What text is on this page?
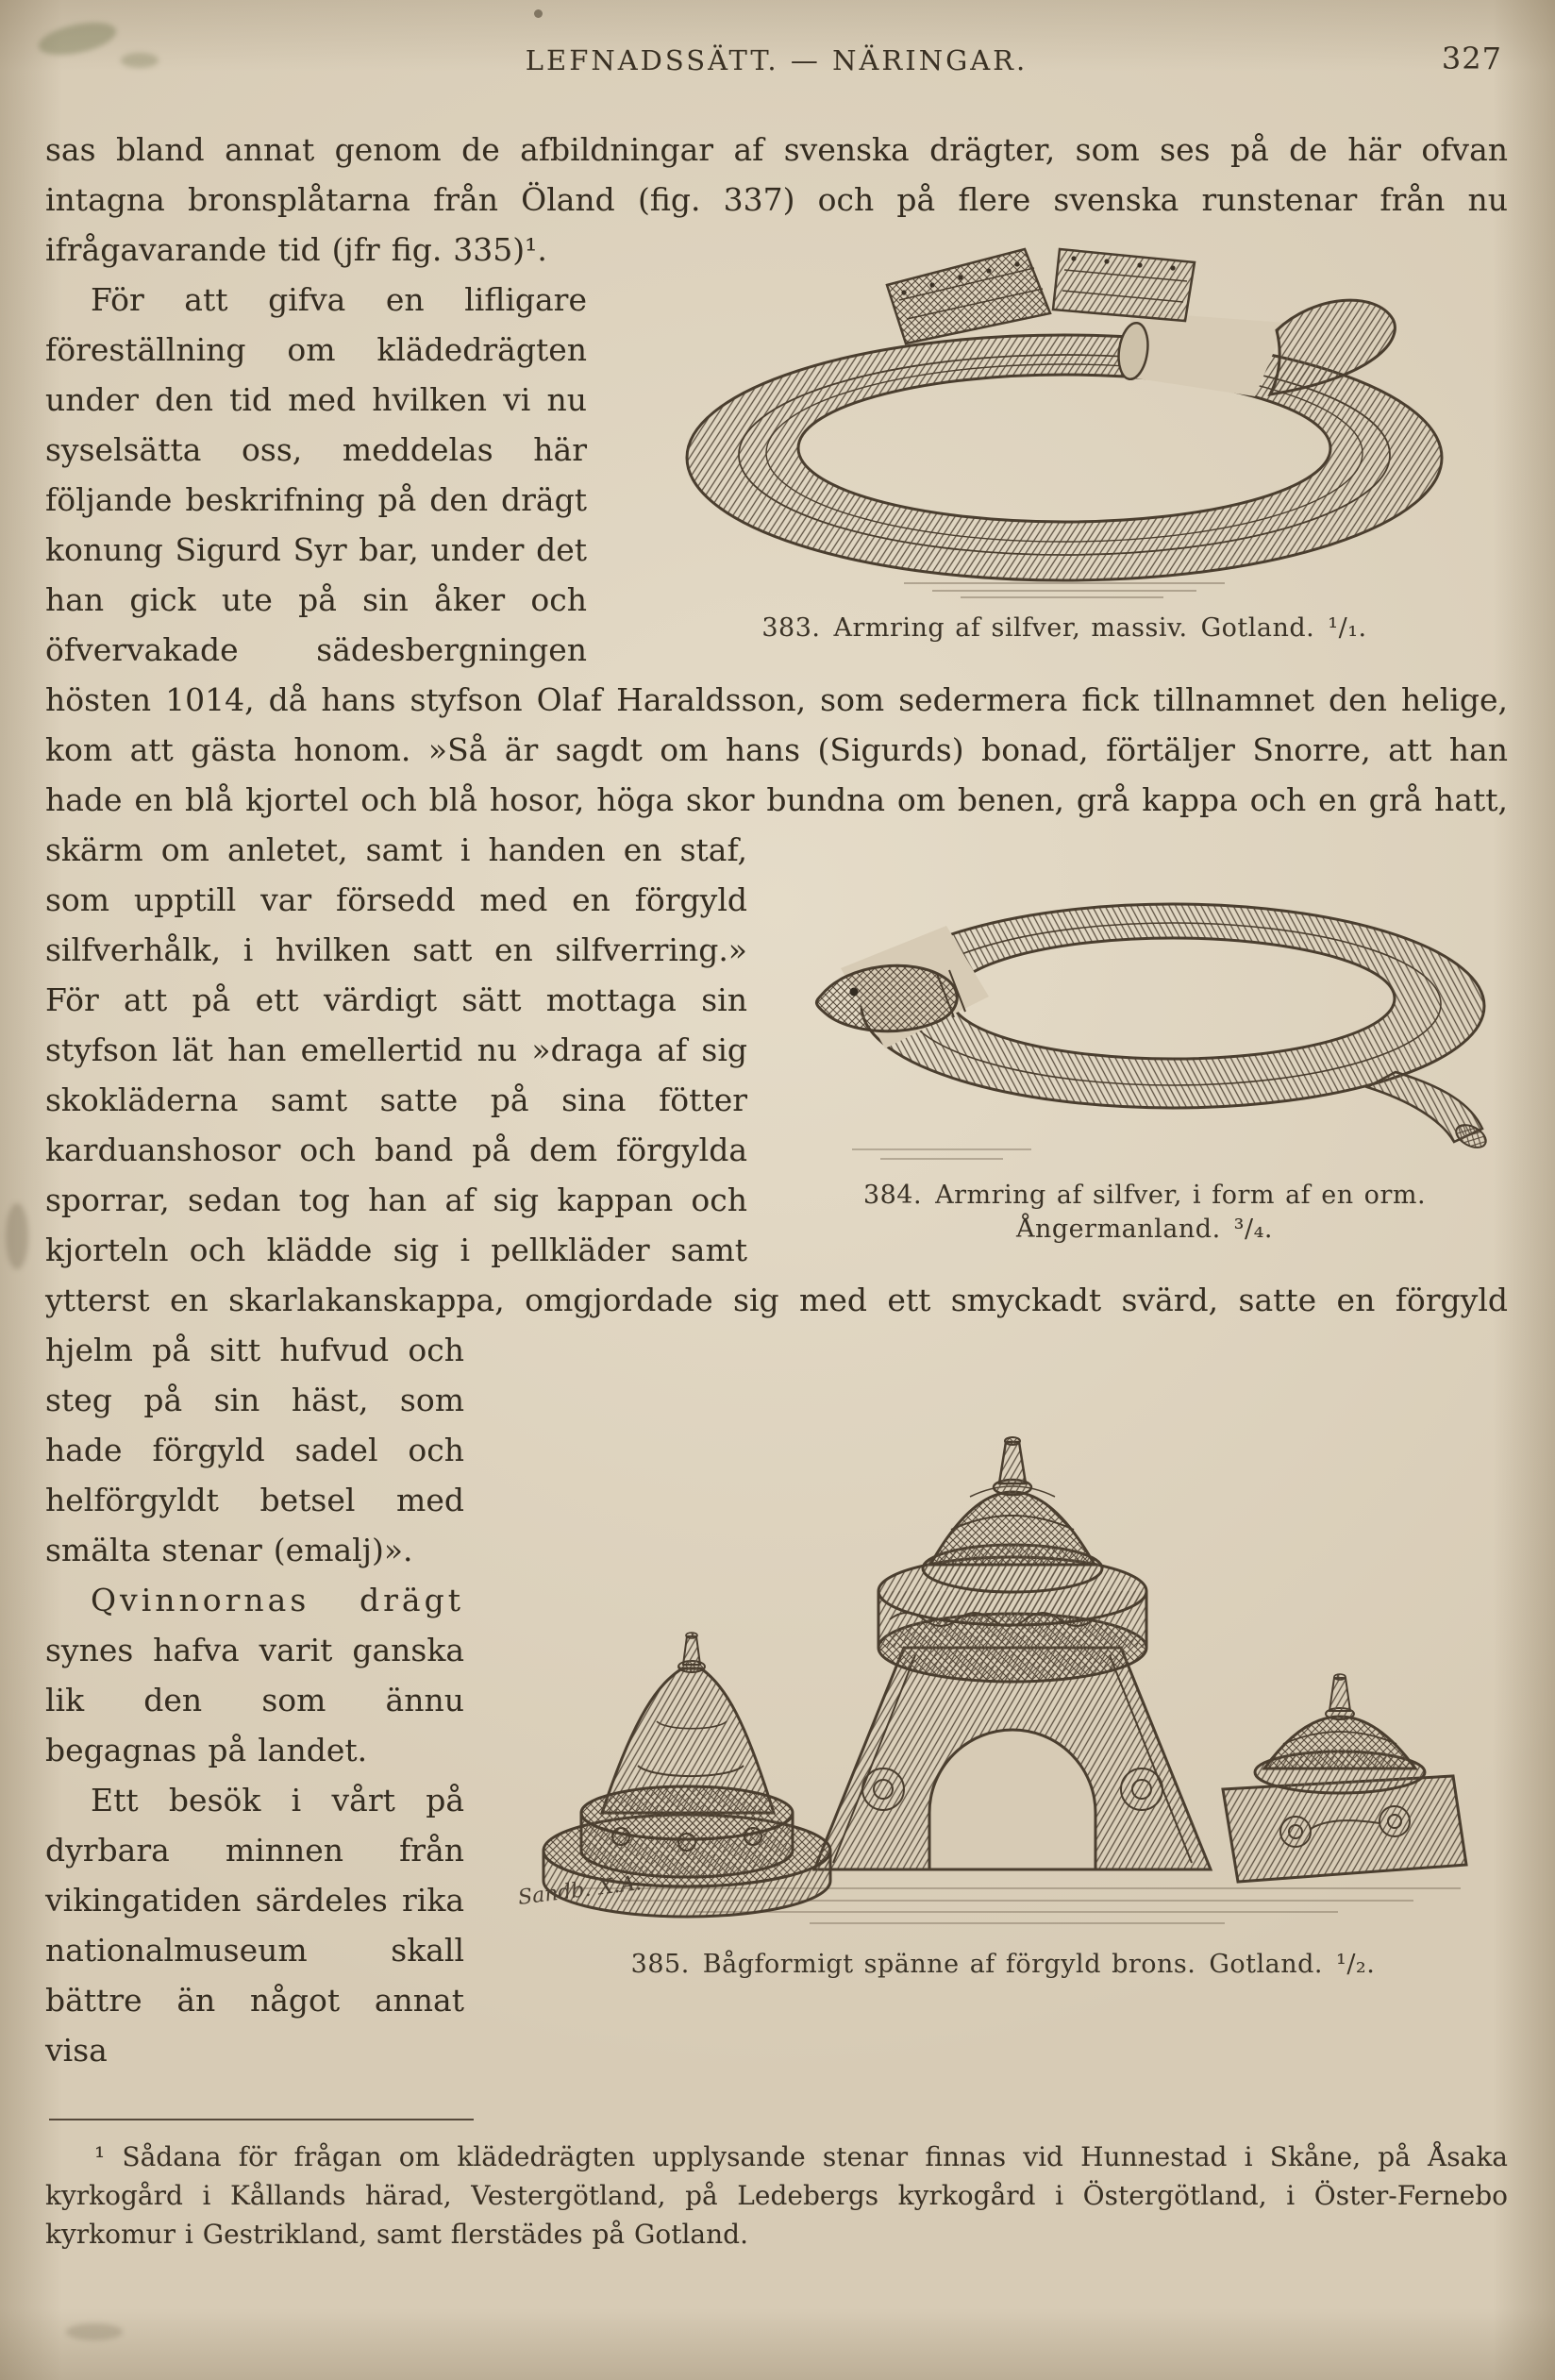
LEFNADSSÄTT. — NÄRINGAR.	327
sas bland annat genom de afbildningar af svenska drägter, som ses på de här ofvan intagna bronsplåtarna från Öland (fig. 337) och på flere svenska
383. Armring af silfver, massiv. Gotland. ¹/₁.
runstenar från nu ifrågavarande tid (jfr fig. 335)¹.
För att gifva en lifligare föreställning om klädedrägten under den tid med hvilken vi nu syselsätta oss, meddelas här följande beskrifning på den drägt konung Sigurd Syr bar, under det han gick ute på sin åker och öfvervakade sädesbergningen hösten 1014, då hans styfson Olaf Haraldsson, som sedermera fick tillnamnet den helige, kom att gästa honom. »Så är sagdt om hans (Sigurds) bonad, förtäljer Snorre, att han hade en blå kjortel och blå hosor, höga skor
384. Armring af silfver, i form af en orm.
Ångermanland. ³/₄.
bundna om benen, grå kappa och en grå hatt, skärm om anletet, samt i handen en staf, som upptill var försedd med en förgyld silfverhålk, i hvilken satt en silfverring.» För att på ett värdigt sätt mottaga sin styfson lät han emellertid nu »draga af sig skokläderna samt satte på sina fötter karduanshosor och band på dem förgylda sporrar, sedan tog han af sig kappan och kjorteln och klädde sig i pellkläder samt ytterst en skarlakanskappa, omgjordade sig med ett smyckadt
Sandb. X.A.
385. Bågformigt spänne af förgyld brons. Gotland. ¹/₂.
svärd, satte en förgyld hjelm på sitt hufvud och steg på sin häst, som hade förgyld sadel och helförgyldt betsel med smälta stenar (emalj)».
Qvinnornas drägt synes hafva varit ganska lik den som ännu begagnas på landet.
Ett besök i vårt på dyrbara minnen från vikingatiden särdeles rika nationalmuseum skall bättre än något annat visa
¹ Sådana för frågan om klädedrägten upplysande stenar finnas vid Hunnestad i Skåne, på Åsaka kyrkogård i Kållands härad, Vestergötland, på Ledebergs kyrkogård i Östergötland, i Öster-Fernebo kyrkomur i Gestrikland, samt flerstädes på Gotland.
